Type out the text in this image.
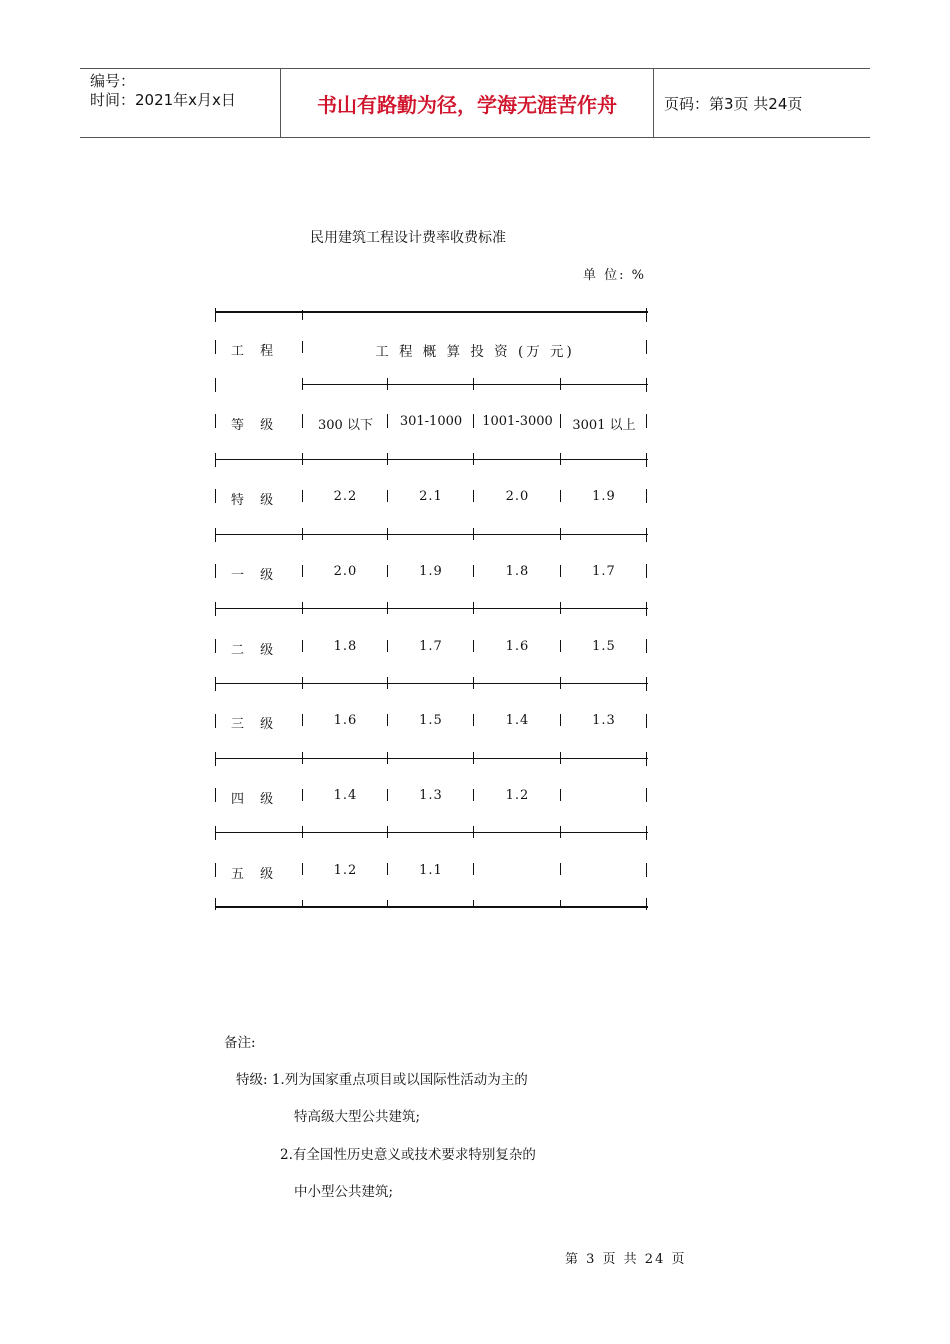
编号：
时间：2021年x月x日	书山有路勤为径，学海无涯苦作舟	页码：第3页 共24页
民用建筑工程设计费率收费标准
单 位: %
工 程	工 程 概 算 投 资 (万 元)
等 级	300 以下	301-1000	1001-3000	3001 以上
特 级	2.2	2.1	2.0	1.9
一 级	2.0	1.9	1.8	1.7
二 级	1.8	1.7	1.6	1.5
三 级	1.6	1.5	1.4	1.3
四 级	1.4	1.3	1.2
五 级	1.2	1.1
备注:
特级: 1.列为国家重点项目或以国际性活动为主的
特高级大型公共建筑;
2.有全国性历史意义或技术要求特别复杂的
中小型公共建筑;
第 3 页 共 24 页
